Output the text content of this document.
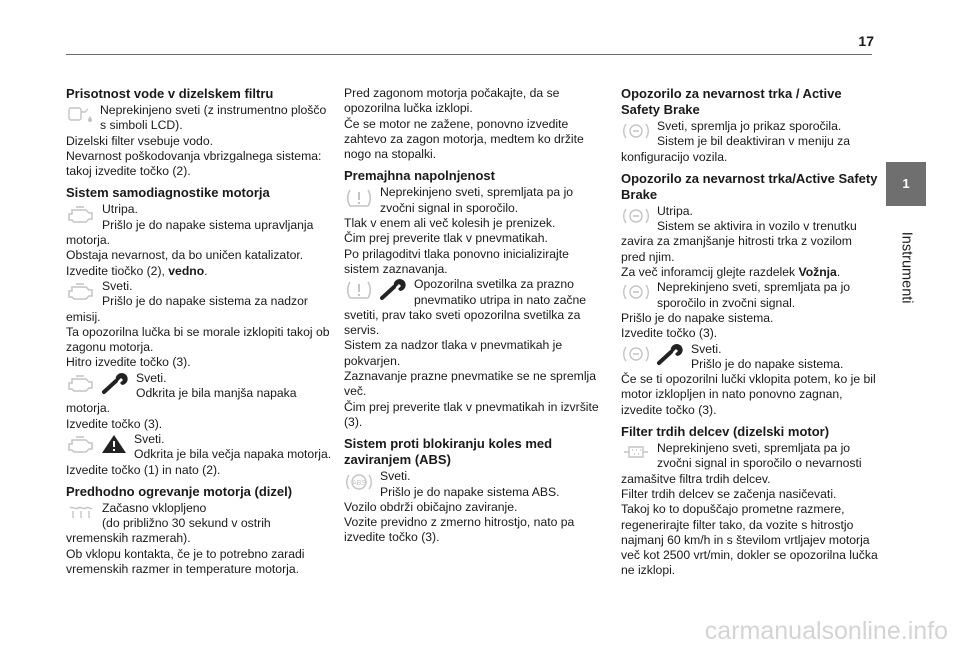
17
1
Instrumenti
Prisotnost vode v dizelskem filtru

Neprekinjeno sveti (z instrumentno ploščo s simboli LCD).

Dizelski filter vsebuje vodo.

Nevarnost poškodovanja vbrizgalnega sistema: takoj izvedite točko (2).

Sistem samodiagnostike motorja

Utripa.

Prišlo je do napake sistema upravljanja motorja.

Obstaja nevarnost, da bo uničen katalizator.

Izvedite tiočko (2), vedno.

Sveti.

Prišlo je do napake sistema za nadzor emisij.

Ta opozorilna lučka bi se morale izklopiti takoj ob zagonu motorja.

Hitro izvedite točko (3).

Sveti.

Odkrita je bila manjša napaka motorja.

Izvedite točko (3).

Sveti.

Odkrita je bila večja napaka motorja.

Izvedite točko (1) in nato (2).

Predhodno ogrevanje motorja (dizel)

Začasno vklopljeno

(do približno 30 sekund v ostrih vremenskih razmerah).

Ob vklopu kontakta, če je to potrebno zaradi vremenskih razmer in temperature motorja.

Pred zagonom motorja počakajte, da se opozorilna lučka izklopi.

Če se motor ne zažene, ponovno izvedite zahtevo za zagon motorja, medtem ko držite nogo na stopalki.

Premajhna napolnjenost

Neprekinjeno sveti, spremljata pa jo zvočni signal in sporočilo.

Tlak v enem ali več kolesih je prenizek.

Čim prej preverite tlak v pnevmatikah.

Po prilagoditvi tlaka ponovno inicializirajte sistem zaznavanja.

Opozorilna svetilka za prazno pnevmatiko utripa in nato začne svetiti, prav tako sveti opozorilna svetilka za servis.

Sistem za nadzor tlaka v pnevmatikah je pokvarjen.

Zaznavanje prazne pnevmatike se ne spremlja več.

Čim prej preverite tlak v pnevmatikah in izvršite (3).

Sistem proti blokiranju koles med zaviranjem (ABS)
ABS

Sveti.

Prišlo je do napake sistema ABS.

Vozilo obdrži običajno zaviranje.

Vozite previdno z zmerno hitrostjo, nato pa izvedite točko (3).

Opozorilo za nevarnost trka / Active Safety Brake

Sveti, spremlja jo prikaz sporočila.

Sistem je bil deaktiviran v meniju za konfiguracijo vozila.

Opozorilo za nevarnost trka/Active Safety Brake

Utripa.

Sistem se aktivira in vozilo v trenutku zavira za zmanjšanje hitrosti trka z vozilom pred njim.

Za več inforamcij glejte razdelek Vožnja.

Neprekinjeno sveti, spremljata pa jo sporočilo in zvočni signal.

Prišlo je do napake sistema.

Izvedite točko (3).

Sveti.

Prišlo je do napake sistema.

Če se ti opozorilni lučki vklopita potem, ko je bil motor izklopljen in nato ponovno zagnan, izvedite točko (3).

Filter trdih delcev (dizelski motor)

Neprekinjeno sveti, spremljata pa jo zvočni signal in sporočilo o nevarnosti zamašitve filtra trdih delcev.

Filter trdih delcev se začenja nasičevati.

Takoj ko to dopuščajo prometne razmere, regenerirajte filter tako, da vozite s hitrostjo najmanj 60 km/h in s številom vrtljajev motorja več kot 2500 vrt/min, dokler se opozorilna lučka ne izklopi.

carmanualsonline.info
